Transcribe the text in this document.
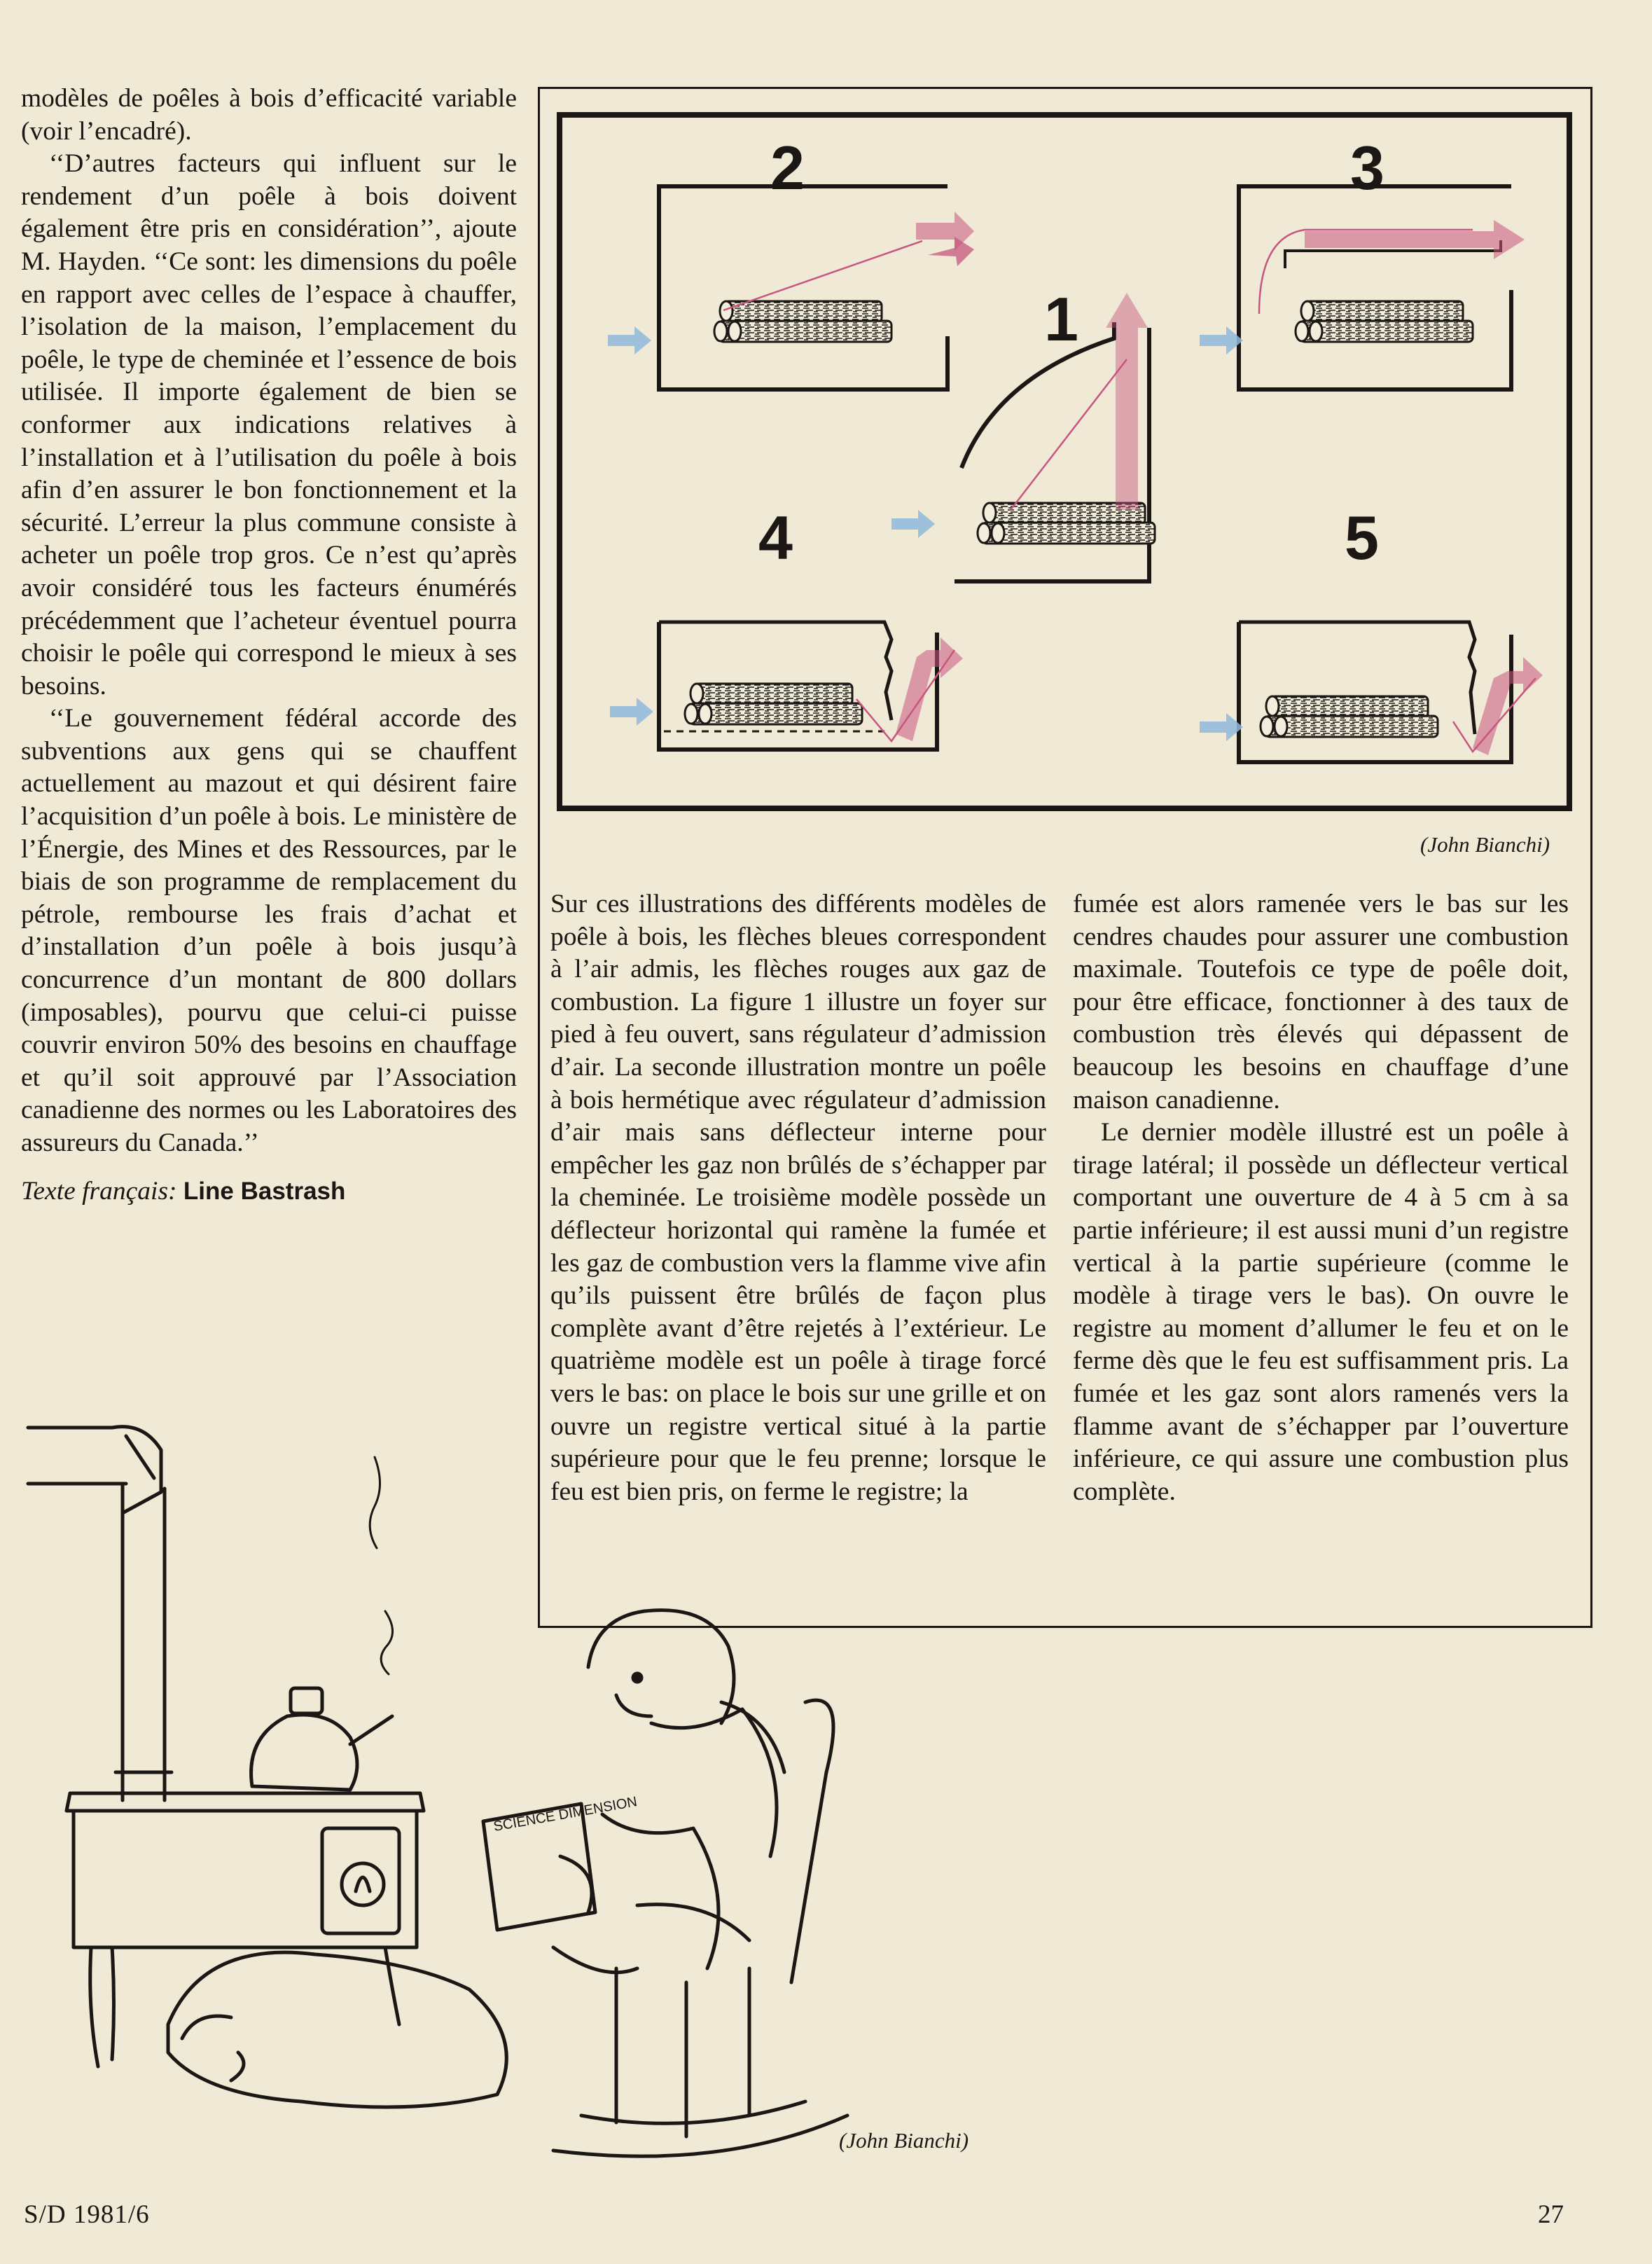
modèles de poêles à bois d’efficacité variable (voir l’encadré).

‘‘D’autres facteurs qui influent sur le rendement d’un poêle à bois doivent également être pris en considération’’, ajoute M. Hayden. ‘‘Ce sont: les dimensions du poêle en rapport avec celles de l’espace à chauffer, l’isolation de la maison, l’emplacement du poêle, le type de cheminée et l’essence de bois utilisée. Il importe également de bien se conformer aux indications relatives à l’installation et à l’utilisation du poêle à bois afin d’en assurer le bon fonctionnement et la sécurité. L’erreur la plus commune consiste à acheter un poêle trop gros. Ce n’est qu’après avoir considéré tous les facteurs énumérés précédemment que l’acheteur éventuel pourra choisir le poêle qui correspond le mieux à ses besoins.

‘‘Le gouvernement fédéral accorde des subventions aux gens qui se chauffent actuellement au mazout et qui désirent faire l’acquisition d’un poêle à bois. Le ministère de l’Énergie, des Mines et des Ressources, par le biais de son programme de remplacement du pétrole, rembourse les frais d’achat et d’installation d’un poêle à bois jusqu’à concurrence d’un montant de 800 dollars (imposables), pourvu que celui-ci puisse couvrir environ 50% des besoins en chauffage et qu’il soit approuvé par l’Association canadienne des normes ou les Laboratoires des assureurs du Canada.’’

Texte français: Line Bastrash

2	3
1
4	5
(John Bianchi)

Sur ces illustrations des différents modèles de poêle à bois, les flèches bleues correspondent à l’air admis, les flèches rouges aux gaz de combustion. La figure 1 illustre un foyer sur pied à feu ouvert, sans régulateur d’admission d’air. La seconde illustration montre un poêle à bois hermétique avec régulateur d’admission d’air mais sans déflecteur interne pour empêcher les gaz non brûlés de s’échapper par la cheminée. Le troisième modèle possède un déflecteur horizontal qui ramène la fumée et les gaz de combustion vers la flamme vive afin qu’ils puissent être brûlés de façon plus complète avant d’être rejetés à l’extérieur. Le quatrième modèle est un poêle à tirage forcé vers le bas: on place le bois sur une grille et on ouvre un registre vertical situé à la partie supérieure pour que le feu prenne; lorsque le feu est bien pris, on ferme le registre; la

fumée est alors ramenée vers le bas sur les cendres chaudes pour assurer une combustion maximale. Toutefois ce type de poêle doit, pour être efficace, fonctionner à des taux de combustion très élevés qui dépassent de beaucoup les besoins en chauffage d’une maison canadienne.

Le dernier modèle illustré est un poêle à tirage latéral; il possède un déflecteur vertical comportant une ouverture de 4 à 5 cm à sa partie inférieure; il est aussi muni d’un registre vertical à la partie supérieure (comme le modèle à tirage vers le bas). On ouvre le registre au moment d’allumer le feu et on le ferme dès que le feu est suffisamment pris. La fumée et les gaz sont alors ramenés vers la flamme avant de s’échapper par l’ouverture inférieure, ce qui assure une combustion plus complète.

SCIENCE DIMENSION
(John Bianchi)
S/D 1981/6	27
